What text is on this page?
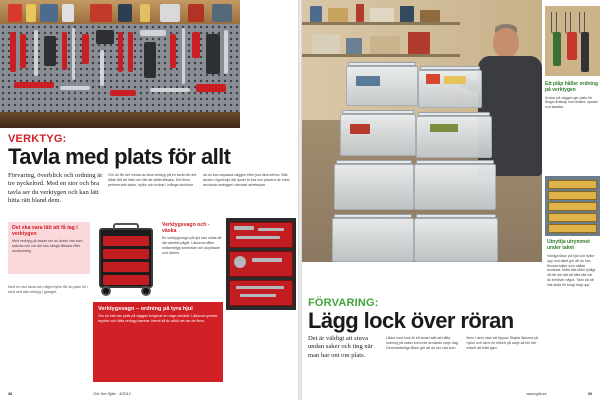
VERKTYG:
Tavla med plats för allt
Förvaring, överblick och ordning är tre nyckelord. Med en stor och bra tavla ser du verktygen och kan lätt hitta rätt bland dem.
Om du får det mesta av dina verktyg på en tavla blir det både lätt att hitta och lätt att ställa tillbaka. Det finns perforerade tavlor, hyllor och krokar i många storlekar så du kan anpassa väggen efter just dina behov. Sätt tavlan i ögonhöjd där ljuset är bra och placera de mest använda verktygen närmast arbetsytan.
Det ska vara lätt att få tag i verktygen
Med verktyg på tavlan ser du direkt vad som saknas och var det ska hänga tillbaka efter användning.
Verktygsvagn och -väska
En verktygsvagn på hjul kan rullas dit där arbetet pågår. Lådorna håller småverktyg sorterade och skyddade mot damm.
Med en stor tavla och några hyllor får du plats för i stort sett alla verktyg i garaget.
Verktygsvagn – ordning på tyra hjul
Om du inte har plats på väggen fungerar en vagn utmärkt. Lådorna rymmer mycket och lätta verktyg hamnar överst så du alltid vet var de finns.
38	Gör Det Själv · 4/2012
Ett plåp håller ordning på verktygen
Krokar på väggen ger plats för långa redskap som krattor, spadar och sladdar.
Utnyttja utrymmet under taket
Vanliga lådor på hjul och hyllor upp mot taket gör att du kan förvara saker som sällan används. Märk alla lådor tydligt så blir det lätt att hitta rätt när du behöver något. Tänk på att inte lasta för tungt högt upp.
FÖRVARING:
Lägg lock över röran
Det är väldigt att stuva undan saker och ting när man har ont om plats.
Lådor med lock är ett smart sätt att hålla ordning på saker som inte används varje dag. Genomskinliga lådor gör att du ser vad som finns i dem utan att öppna. Stapla lådorna på hyllor och skriv en etikett på varje så blir det enkelt att hitta igen.
www.gds.se	39
